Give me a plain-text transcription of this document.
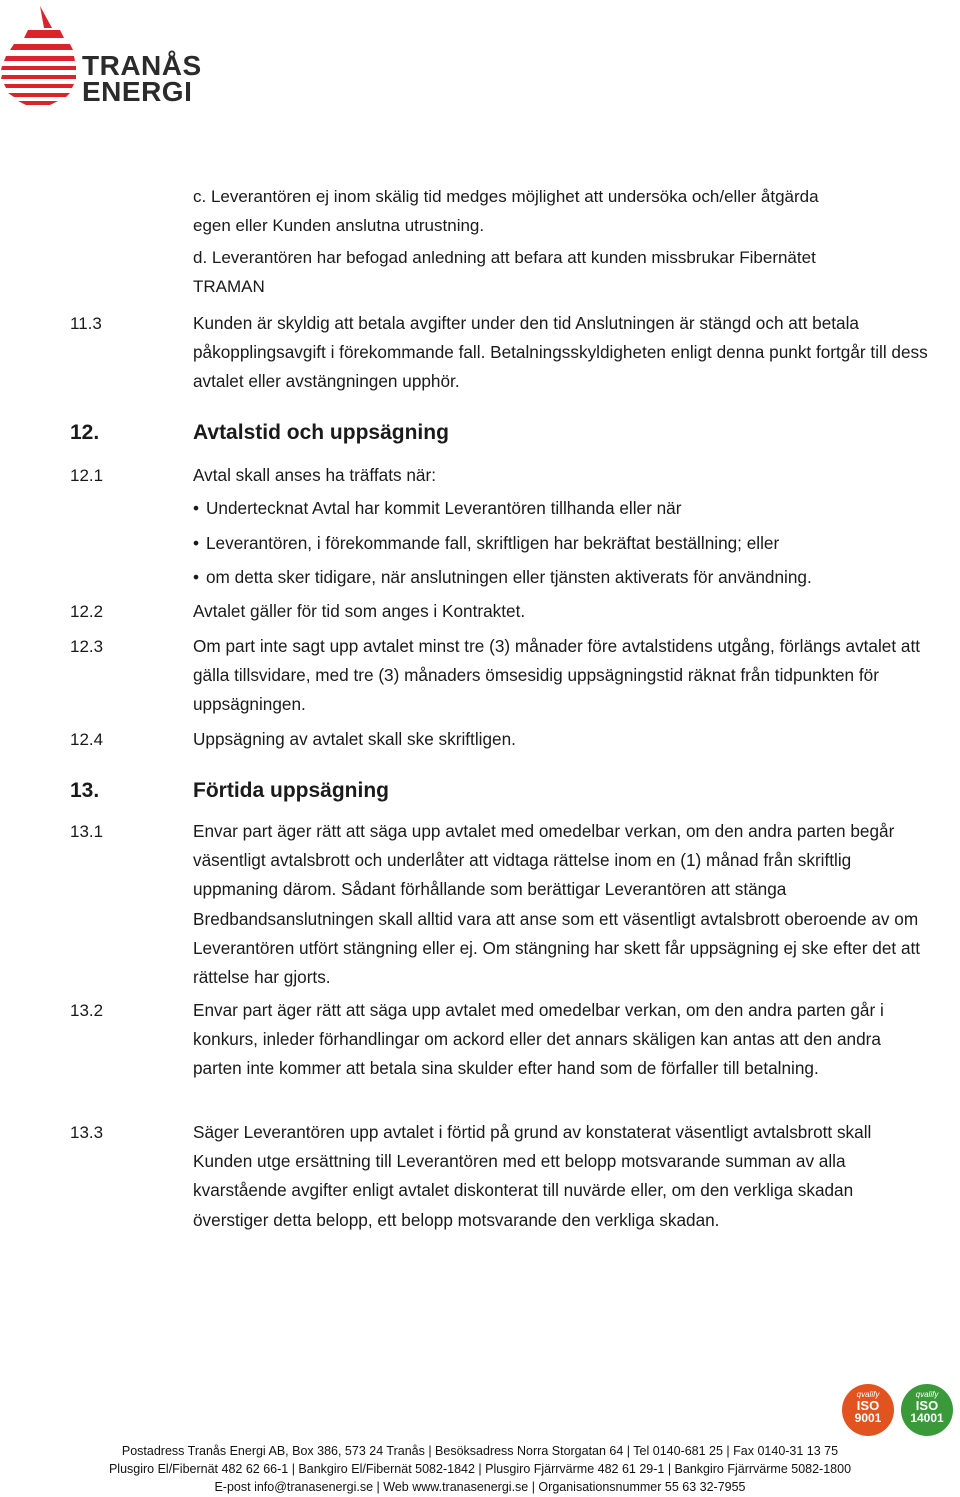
TRANÅS
ENERGI
c. Leverantören ej inom skälig tid medges möjlighet att undersöka och/eller åtgärda
egen eller Kunden anslutna utrustning.
d. Leverantören har befogad anledning att befara att kunden missbrukar Fibernätet
TRAMAN
11.3	Kunden är skyldig att betala avgifter under den tid Anslutningen är stängd och att betala påkopplingsavgift i förekommande fall. Betalningsskyldigheten enligt denna punkt fortgår till dess avtalet eller avstängningen upphör.
12.	Avtalstid och uppsägning
12.1	Avtal skall anses ha träffats när:
• Undertecknat Avtal har kommit Leverantören tillhanda eller när
• Leverantören, i förekommande fall, skriftligen har bekräftat beställning; eller
• om detta sker tidigare, när anslutningen eller tjänsten aktiverats för användning.
12.2	Avtalet gäller för tid som anges i Kontraktet.
12.3	Om part inte sagt upp avtalet minst tre (3) månader före avtalstidens utgång, förlängs avtalet att gälla tillsvidare, med tre (3) månaders ömsesidig uppsägningstid räknat från tidpunkten för uppsägningen.
12.4	Uppsägning av avtalet skall ske skriftligen.
13.	Förtida uppsägning
13.1	Envar part äger rätt att säga upp avtalet med omedelbar verkan, om den andra parten begår väsentligt avtalsbrott och underlåter att vidtaga rättelse inom en (1) månad från skriftlig uppmaning därom. Sådant förhållande som berättigar Leverantören att stänga Bredbandsanslutningen skall alltid vara att anse som ett väsentligt avtalsbrott oberoende av om Leverantören utfört stängning eller ej. Om stängning har skett får uppsägning ej ske efter det att rättelse har gjorts.
13.2	Envar part äger rätt att säga upp avtalet med omedelbar verkan, om den andra parten går i konkurs, inleder förhandlingar om ackord eller det annars skäligen kan antas att den andra parten inte kommer att betala sina skulder efter hand som de förfaller till betalning.
13.3	Säger Leverantören upp avtalet i förtid på grund av konstaterat väsentligt avtalsbrott skall Kunden utge ersättning till Leverantören med ett belopp motsvarande summan av alla kvarstående avgifter enligt avtalet diskonterat till nuvärde eller, om den verkliga skadan överstiger detta belopp, ett belopp motsvarande den verkliga skadan.
qvalify
ISO
9001
qvalify
ISO
14001
Postadress Tranås Energi AB, Box 386, 573 24 Tranås | Besöksadress Norra Storgatan 64 | Tel 0140-681 25 | Fax 0140-31 13 75
Plusgiro El/Fibernät 482 62 66-1 | Bankgiro El/Fibernät 5082-1842 | Plusgiro Fjärrvärme 482 61 29-1 | Bankgiro Fjärrvärme 5082-1800
E-post info@tranasenergi.se | Web www.tranasenergi.se | Organisationsnummer 55 63 32-7955
